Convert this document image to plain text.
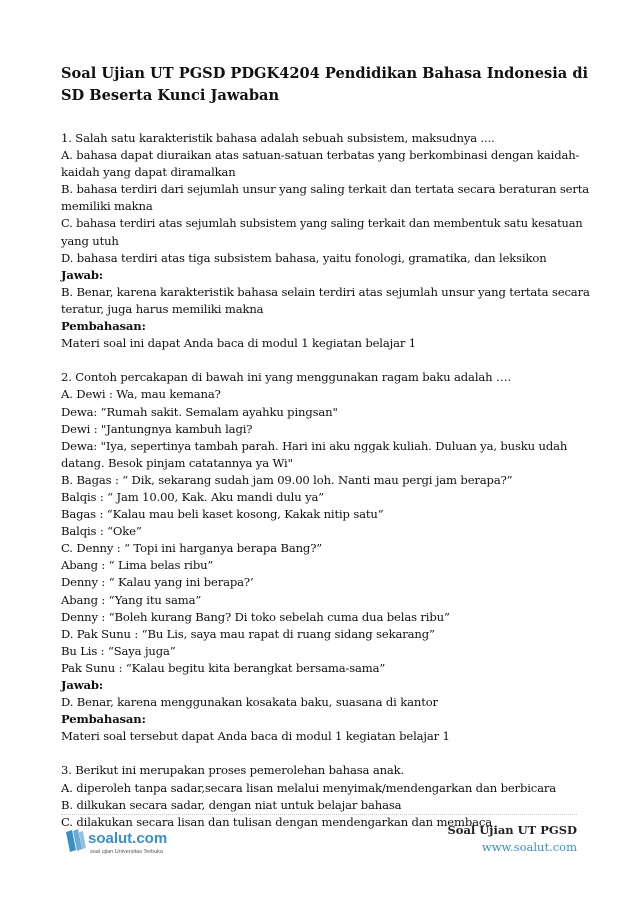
Soal Ujian UT PGSD PDGK4204 Pendidikan Bahasa Indonesia di SD Beserta Kunci Jawaban
1. Salah satu karakteristik bahasa adalah sebuah subsistem, maksudnya ....
A. bahasa dapat diuraikan atas satuan-satuan terbatas yang berkombinasi dengan kaidah-
kaidah yang dapat diramalkan
B. bahasa terdiri dari sejumlah unsur yang saling terkait dan tertata secara beraturan serta
memiliki makna
C. bahasa terdiri atas sejumlah subsistem yang saling terkait dan membentuk satu kesatuan
yang utuh
D. bahasa terdiri atas tiga subsistem bahasa, yaitu fonologi, gramatika, dan leksikon
Jawab:
B. Benar, karena karakteristik bahasa selain terdiri atas sejumlah unsur yang tertata secara
teratur, juga harus memiliki makna
Pembahasan:
Materi soal ini dapat Anda baca di modul 1 kegiatan belajar 1
2. Contoh percakapan di bawah ini yang menggunakan ragam baku adalah ….
A. Dewi : Wa, mau kemana?
Dewa: “Rumah sakit. Semalam ayahku pingsan"
Dewi : "Jantungnya kambuh lagi?
Dewa: "Iya, sepertinya tambah parah. Hari ini aku nggak kuliah. Duluan ya, busku udah
datang. Besok pinjam catatannya ya Wi"
B. Bagas : “ Dik, sekarang sudah jam 09.00 loh. Nanti mau pergi jam berapa?”
Balqis : “ Jam 10.00, Kak. Aku mandi dulu ya”
Bagas : “Kalau mau beli kaset kosong, Kakak nitip satu”
Balqis : “Oke”
C. Denny : “ Topi ini harganya berapa Bang?”
Abang : “ Lima belas ribu”
Denny : “ Kalau yang ini berapa?’
Abang : “Yang itu sama”
Denny : “Boleh kurang Bang? Di toko sebelah cuma dua belas ribu”
D. Pak Sunu : “Bu Lis, saya mau rapat di ruang sidang sekarang”
Bu Lis : “Saya juga”
Pak Sunu : “Kalau begitu kita berangkat bersama-sama”
Jawab:
D. Benar, karena menggunakan kosakata baku, suasana di kantor
Pembahasan:
Materi soal tersebut dapat Anda baca di modul 1 kegiatan belajar 1
3. Berikut ini merupakan proses pemerolehan bahasa anak.
A. diperoleh tanpa sadar,secara lisan melalui menyimak/mendengarkan dan berbicara
B. dilkukan secara sadar, dengan niat untuk belajar bahasa
C. dilakukan secara lisan dan tulisan dengan mendengarkan dan membaca
soalut.com
soal ujian Universitas Terbuka
Soal Ujian UT PGSD
www.soalut.com
